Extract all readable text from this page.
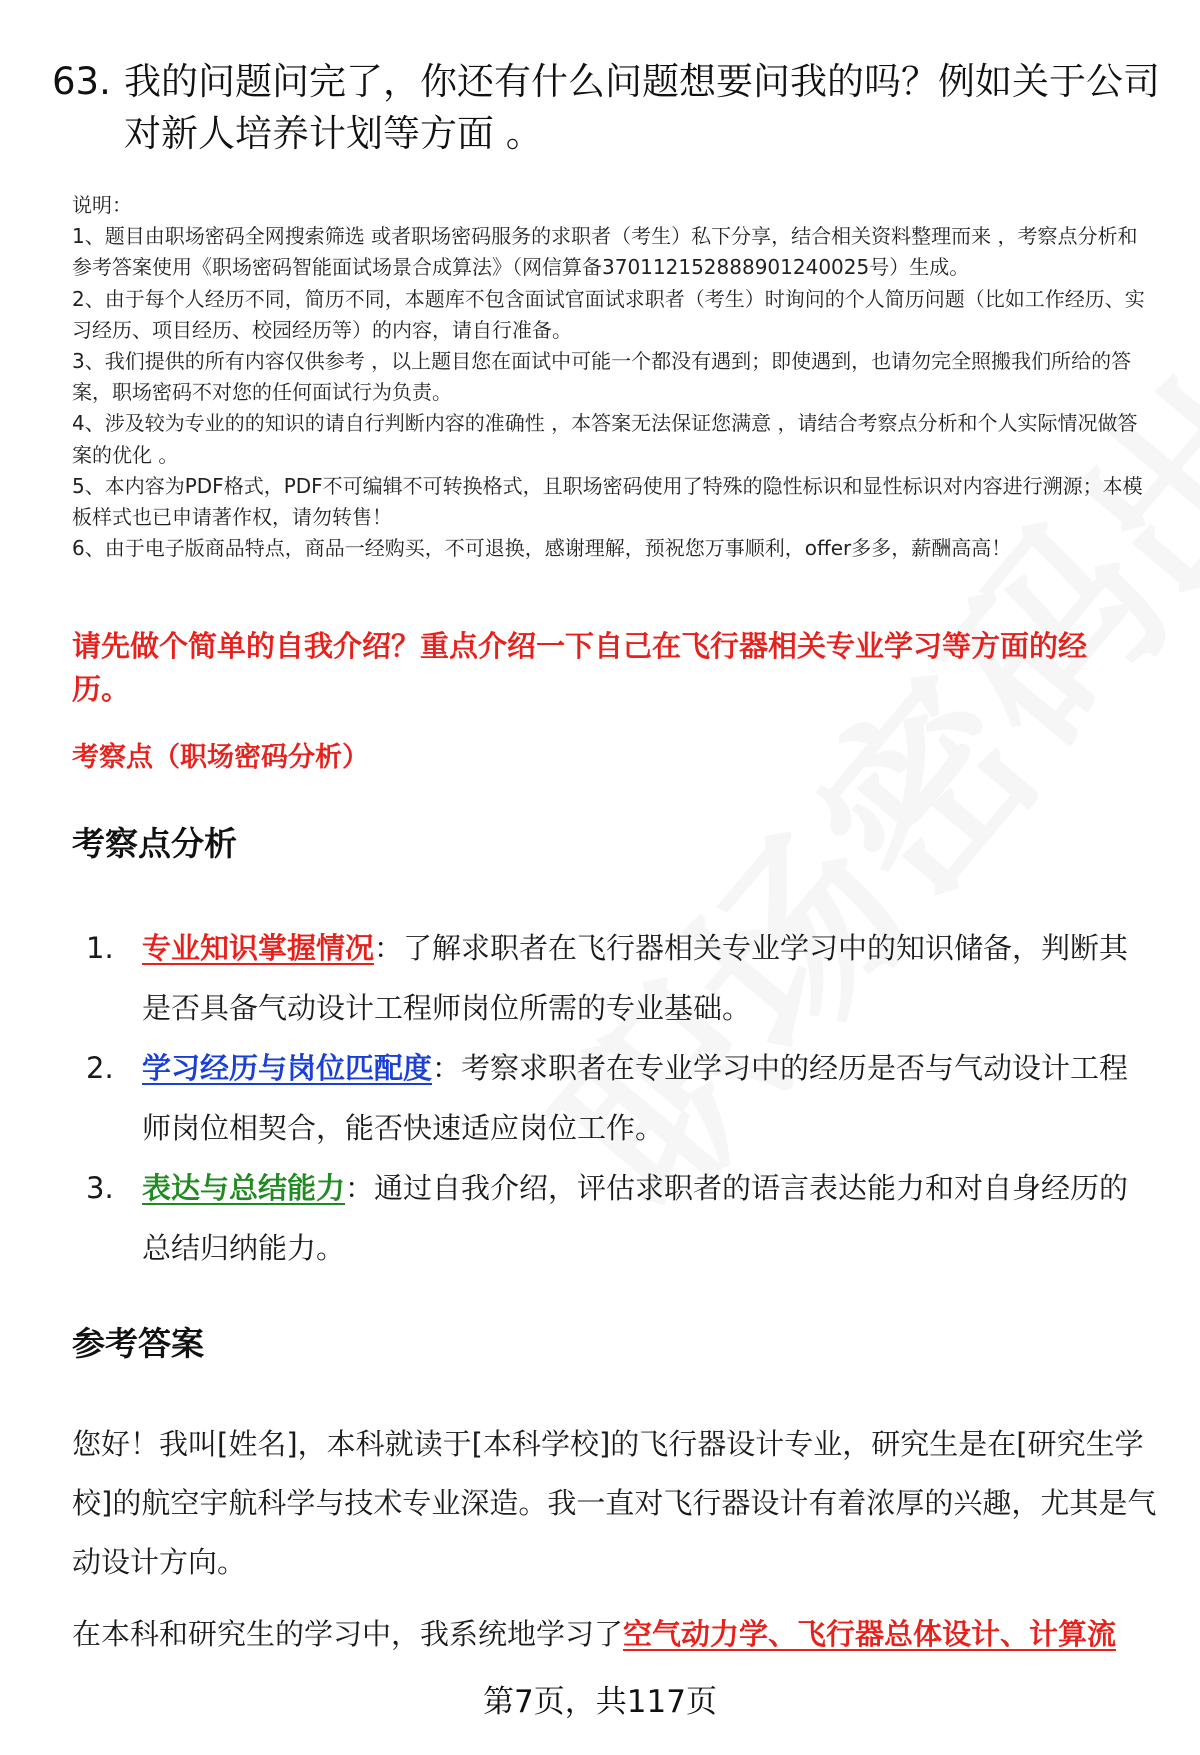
63. 我的问题问完了，你还有什么问题想要问我的吗？例如关于公司对新人培养计划等方面 。

说明：

1、题目由职场密码全网搜索筛选 或者职场密码服务的求职者（考生）私下分享，结合相关资料整理而来 ，考察点分析和参考答案使用《职场密码智能面试场景合成算法》（网信算备370112152888901240025号）生成。

2、由于每个人经历不同，简历不同，本题库不包含面试官面试求职者（考生）时询问的个人简历问题（比如工作经历、实习经历、项目经历、校园经历等）的内容，请自行准备。

3、我们提供的所有内容仅供参考 ，以上题目您在面试中可能一个都没有遇到；即使遇到，也请勿完全照搬我们所给的答案，职场密码不对您的任何面试行为负责。

4、涉及较为专业的的知识的请自行判断内容的准确性 ，本答案无法保证您满意 ，请结合考察点分析和个人实际情况做答案的优化 。

5、本内容为PDF格式，PDF不可编辑不可转换格式，且职场密码使用了特殊的隐性标识和显性标识对内容进行溯源；本模板样式也已申请著作权，请勿转售！

6、由于电子版商品特点，商品一经购买，不可退换，感谢理解，预祝您万事顺利，offer多多，薪酬高高！

请先做个简单的自我介绍？重点介绍一下自己在飞行器相关专业学习等方面的经历。
考察点（职场密码分析）
考察点分析
1. 专业知识掌握情况：了解求职者在飞行器相关专业学习中的知识储备，判断其是否具备气动设计工程师岗位所需的专业基础。
2. 学习经历与岗位匹配度：考察求职者在专业学习中的经历是否与气动设计工程师岗位相契合，能否快速适应岗位工作。
3. 表达与总结能力：通过自我介绍，评估求职者的语言表达能力和对自身经历的总结归纳能力。
参考答案

您好！我叫[姓名]，本科就读于[本科学校]的飞行器设计专业，研究生是在[研究生学校]的航空宇航科学与技术专业深造。我一直对飞行器设计有着浓厚的兴趣，尤其是气动设计方向。

在本科和研究生的学习中，我系统地学习了空气动力学、飞行器总体设计、计算流

第7页，共117页
